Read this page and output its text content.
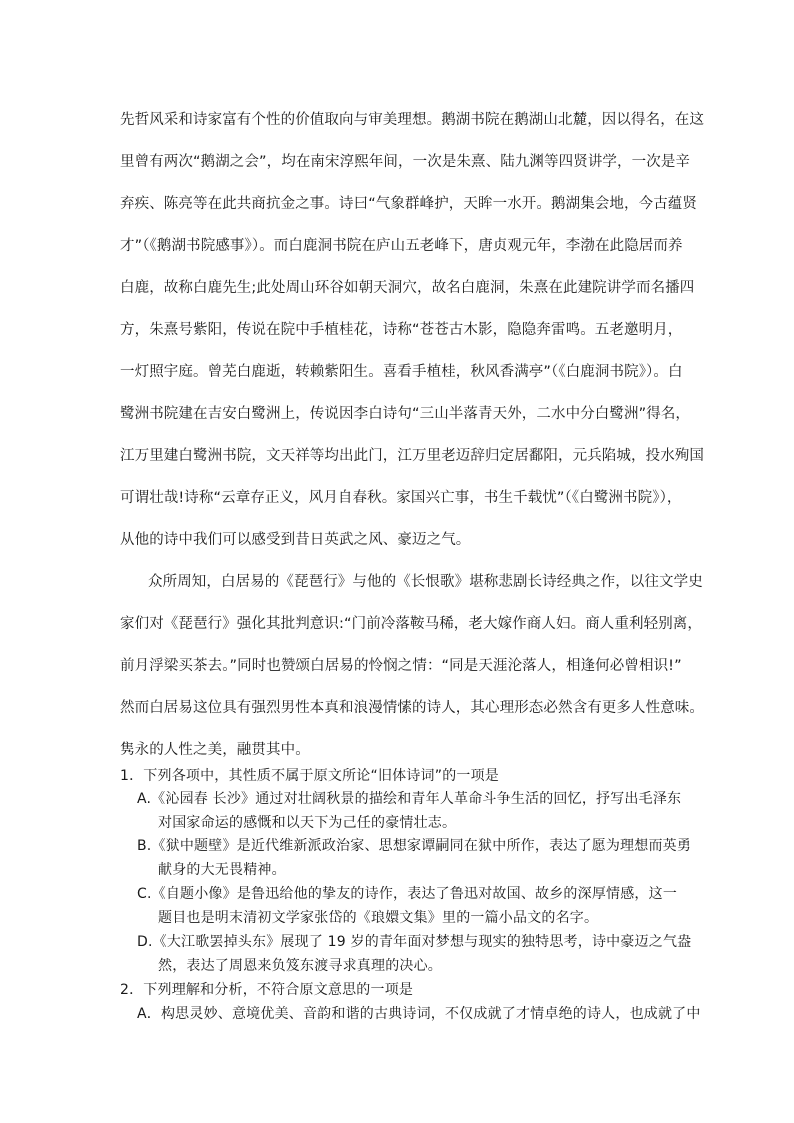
先哲风采和诗家富有个性的价值取向与审美理想。鹅湖书院在鹅湖山北麓，因以得名，在这
里曾有两次“鹅湖之会”，均在南宋淳熙年间，一次是朱熹、陆九渊等四贤讲学，一次是辛
弃疾、陈亮等在此共商抗金之事。诗曰“气象群峰护，天眸一水开。鹅湖集会地，今古蕴贤
才”（《鹅湖书院感事》）。而白鹿洞书院在庐山五老峰下，唐贞观元年，李渤在此隐居而养
白鹿，故称白鹿先生;此处周山环谷如朝天洞穴，故名白鹿洞，朱熹在此建院讲学而名播四
方，朱熹号紫阳，传说在院中手植桂花，诗称“苍苍古木影，隐隐奔雷鸣。五老邀明月，
一灯照宇庭。曾芜白鹿逝，转赖紫阳生。喜看手植桂，秋风香满亭”（《白鹿洞书院》）。白
鹭洲书院建在吉安白鹭洲上，传说因李白诗句“三山半落青天外，二水中分白鹭洲”得名，
江万里建白鹭洲书院，文天祥等均出此门，江万里老迈辞归定居鄱阳，元兵陷城，投水殉国
可谓壮哉!诗称“云章存正义，风月自春秋。家国兴亡事，书生千载忧”（《白鹭洲书院》），
从他的诗中我们可以感受到昔日英武之风、豪迈之气。
众所周知，白居易的《琵琶行》与他的《长恨歌》堪称悲剧长诗经典之作，以往文学史
家们对《琵琶行》强化其批判意识:“门前冷落鞍马稀，老大嫁作商人妇。商人重利轻别离，
前月浮梁买茶去。”同时也赞颂白居易的怜悯之情：“同是天涯沦落人，相逢何必曾相识!”
然而白居易这位具有强烈男性本真和浪漫情愫的诗人，其心理形态必然含有更多人性意味。
隽永的人性之美，融贯其中。
1．下列各项中，其性质不属于原文所论“旧体诗词”的一项是
A.《沁园春 长沙》通过对壮阔秋景的描绘和青年人革命斗争生活的回忆，抒写出毛泽东
对国家命运的感慨和以天下为己任的豪情壮志。
B.《狱中题壁》是近代维新派政治家、思想家谭嗣同在狱中所作，表达了愿为理想而英勇
献身的大无畏精神。
C.《自题小像》是鲁迅给他的挚友的诗作，表达了鲁迅对故国、故乡的深厚情感，这一
题目也是明末清初文学家张岱的《琅嬛文集》里的一篇小品文的名字。
D.《大江歌罢掉头东》展现了 19 岁的青年面对梦想与现实的独特思考，诗中豪迈之气盎
然，表达了周恩来负笈东渡寻求真理的决心。
2．下列理解和分析，不符合原文意思的一项是
A．构思灵妙、意境优美、音韵和谐的古典诗词，不仅成就了才情卓绝的诗人，也成就了中
